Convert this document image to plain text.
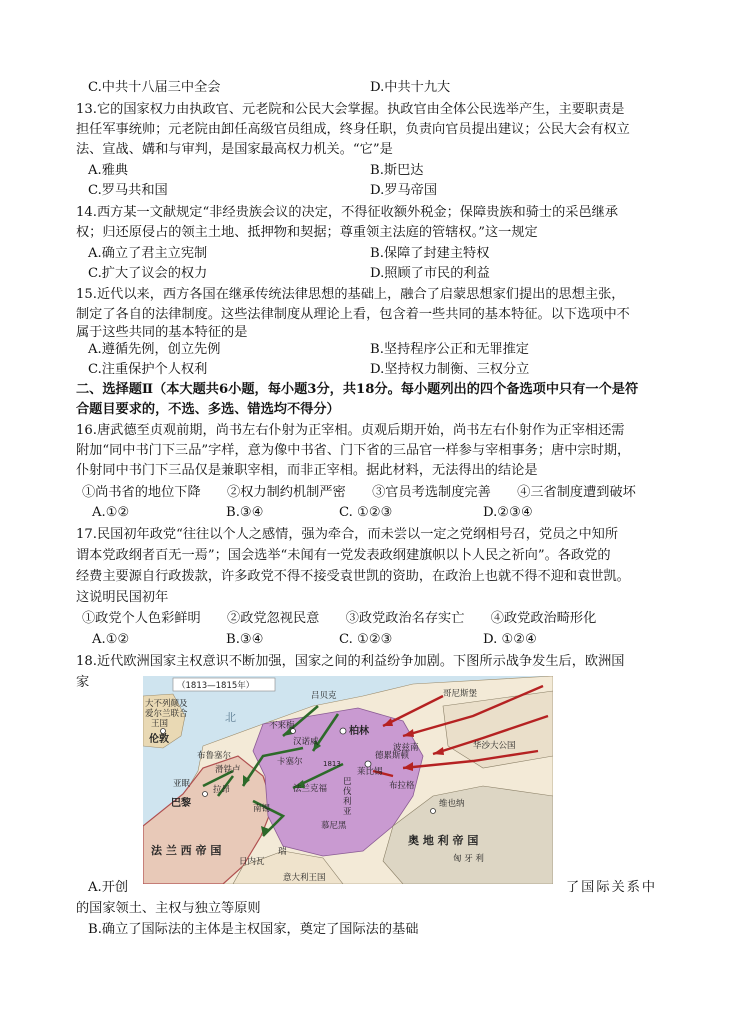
C.中共十八届三中全会	D.中共十九大
13.它的国家权力由执政官、元老院和公民大会掌握。执政官由全体公民选举产生，主要职责是
担任军事统帅；元老院由卸任高级官员组成，终身任职，负责向官员提出建议；公民大会有权立
法、宣战、媾和与审判，是国家最高权力机关。“它”是
A.雅典	B.斯巴达
C.罗马共和国	D.罗马帝国
14.西方某一文献规定“非经贵族会议的决定，不得征收额外税金；保障贵族和骑士的采邑继承
权；归还原侵占的领主土地、抵押物和契据；尊重领主法庭的管辖权。”这一规定
A.确立了君主立宪制	B.保障了封建主特权
C.扩大了议会的权力	D.照顾了市民的利益
15.近代以来，西方各国在继承传统法律思想的基础上，融合了启蒙思想家们提出的思想主张，
制定了各自的法律制度。这些法律制度从理论上看，包含着一些共同的基本特征。以下选项中不
属于这些共同的基本特征的是
A.遵循先例，创立先例	B.坚持程序公正和无罪推定
C.注重保护个人权利	D.坚持权力制衡、三权分立
二、选择题Ⅱ（本大题共6小题，每小题3分，共18分。每小题列出的四个备选项中只有一个是符
合题目要求的，不选、多选、错选均不得分）
16.唐武德至贞观前期，尚书左右仆射为正宰相。贞观后期开始，尚书左右仆射作为正宰相还需
附加“同中书门下三品”字样，意为像中书省、门下省的三品官一样参与宰相事务；唐中宗时期，
仆射同中书门下三品仅是兼职宰相，而非正宰相。据此材料，无法得出的结论是
①尚书省的地位下降　　②权力制约机制严密　　③官员考选制度完善　　④三省制度遭到破坏
A.①②	B.③④	C. ①②③	D.②③④
17.民国初年政党“往往以个人之感情，强为牵合，而未尝以一定之党纲相号召，党员之中知所
谓本党政纲者百无一焉”；国会选举“未闻有一党发表政纲建旗帜以卜人民之祈向”。各政党的
经费主要源自行政拨款，许多政党不得不接受袁世凯的资助，在政治上也就不得不迎和袁世凯。
这说明民国初年
①政党个人色彩鲜明　　②政党忽视民意　　③政党政治名存实亡　　④政党政治畸形化
A.①②	B.③④	C. ①②③	D. ①②④
18.近代欧洲国家主权意识不断加强，国家之间的利益纷争加剧。下图所示战争发生后，欧洲国
家	（1813—1815年）
大不列颠及
爱尔兰联合
王国
伦敦
北
不来梅
吕贝克
汉诺威
柏林
华沙大公国
哥尼斯堡
波兹南
布鲁塞尔
滑铁卢
德累斯顿
莱比锡
1813
卡塞尔
亚眠
拉昂
巴黎	南锡
法兰克福	布拉格
巴
伐
利
亚
慕尼黑
维也纳
法 兰 西 帝 国
奥 地 利 帝 国
匈 牙 利
瑞
日内瓦
意大利王国
A.开创	了国际关系中
的国家领土、主权与独立等原则
B.确立了国际法的主体是主权国家，奠定了国际法的基础
